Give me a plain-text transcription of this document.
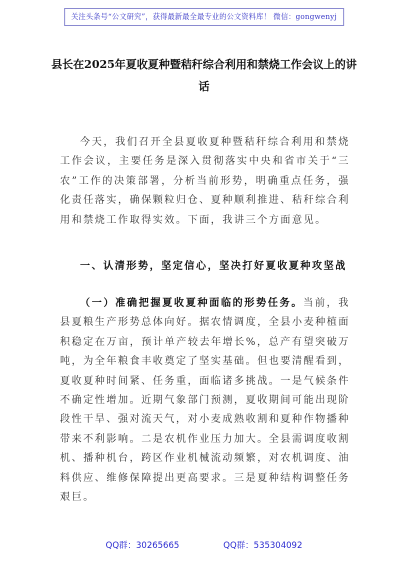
关注头条号“公文研究”，获得最新最全最专业的公文资料库！ 微信：gongwenyj
县长在2025年夏收夏种暨秸秆综合利用和禁烧工作会议上的讲话
今天，我们召开全县夏收夏种暨秸秆综合利用和禁烧工作会议，主要任务是深入贯彻落实中央和省市关于“三农”工作的决策部署，分析当前形势，明确重点任务，强化责任落实，确保颗粒归仓、夏种顺利推进、秸秆综合利用和禁烧工作取得实效。下面，我讲三个方面意见。
一、认清形势，坚定信心，坚决打好夏收夏种攻坚战
（一）准确把握夏收夏种面临的形势任务。当前，我县夏粮生产形势总体向好。据农情调度，全县小麦种植面积稳定在万亩，预计单产较去年增长%，总产有望突破万吨，为全年粮食丰收奠定了坚实基础。但也要清醒看到，夏收夏种时间紧、任务重，面临诸多挑战。一是气候条件不确定性增加。近期气象部门预测，夏收期间可能出现阶段性干旱、强对流天气，对小麦成熟收割和夏种作物播种带来不利影响。二是农机作业压力加大。全县需调度收割机、播种机台，跨区作业机械流动频繁，对农机调度、油料供应、维修保障提出更高要求。三是夏种结构调整任务艰巨。
QQ群：30265665	QQ群：535304092
